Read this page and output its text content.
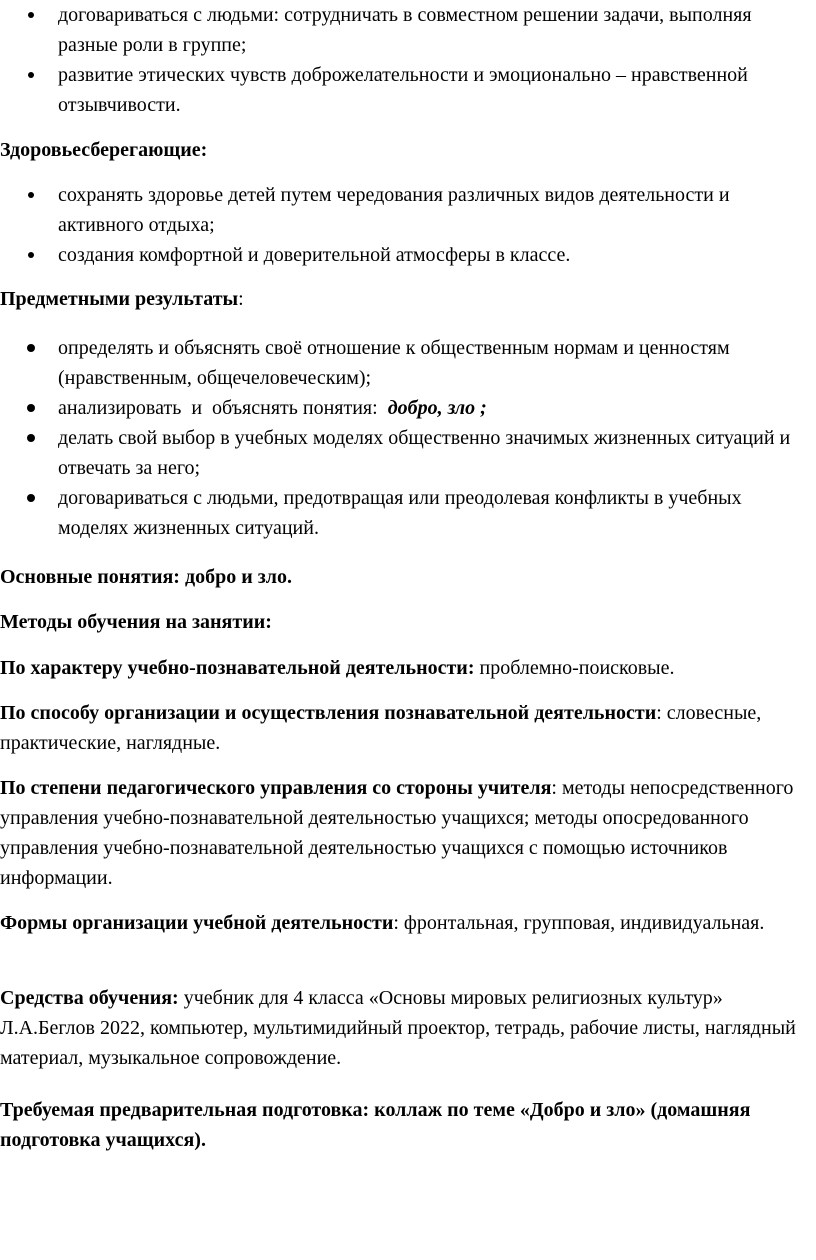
договариваться с людьми: сотрудничать в совместном решении задачи, выполняя разные роли в группе;
развитие этических чувств доброжелательности и эмоционально – нравственной отзывчивости.

Здоровьесберегающие:

сохранять здоровье детей путем чередования различных видов деятельности и активного отдыха;
создания комфортной и доверительной атмосферы в классе.

Предметными результаты:

определять и объяснять своё отношение к общественным нормам и ценностям (нравственным, общечеловеческим);
анализировать  и  объяснять понятия:  добро, зло ;
делать свой выбор в учебных моделях общественно значимых жизненных ситуаций и отвечать за него;
договариваться с людьми, предотвращая или преодолевая конфликты в учебных моделях жизненных ситуаций.

Основные понятия: добро и зло.

Методы обучения на занятии:

По характеру учебно-познавательной деятельности: проблемно-поисковые.

По способу организации и осуществления познавательной деятельности: словесные, практические, наглядные.

По степени педагогического управления со стороны учителя: методы непосредственного управления учебно-познавательной деятельностью учащихся; методы опосредованного управления учебно-познавательной деятельностью учащихся с помощью источников информации.

Формы организации учебной деятельности: фронтальная, групповая, индивидуальная.

Средства обучения: учебник для 4 класса «Основы мировых религиозных культур» Л.А.Беглов 2022, компьютер, мультимидийный проектор, тетрадь, рабочие листы, наглядный материал, музыкальное сопровождение.

Требуемая предварительная подготовка: коллаж по теме «Добро и зло» (домашняя подготовка учащихся).
